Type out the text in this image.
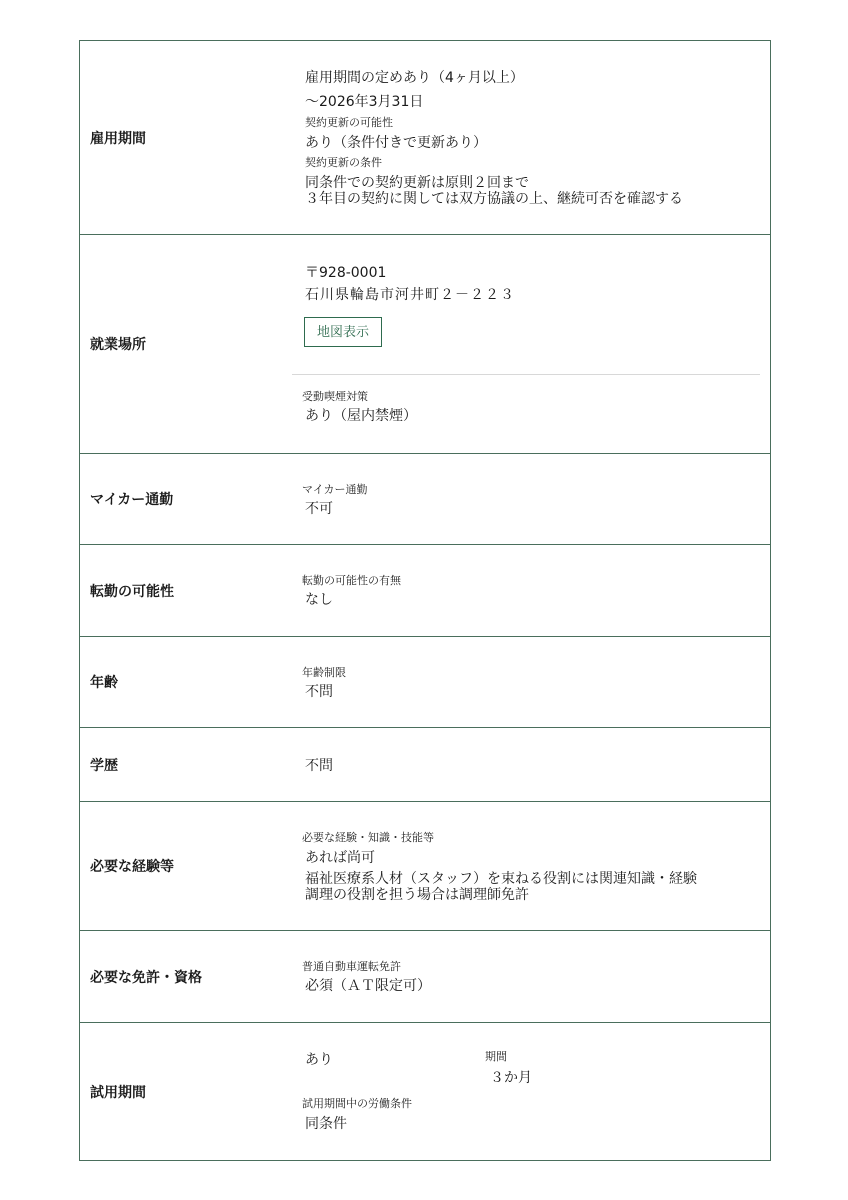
雇用期間
雇用期間の定めあり（4ヶ月以上）
～2026年3月31日
契約更新の可能性
あり（条件付きで更新あり）
契約更新の条件
同条件での契約更新は原則２回まで
３年目の契約に関しては双方協議の上、継続可否を確認する
就業場所
〒928-0001
石川県輪島市河井町２－２２３
地図表示
受動喫煙対策
あり（屋内禁煙）
マイカー通勤
マイカー通勤
不可
転勤の可能性
転勤の可能性の有無
なし
年齢
年齢制限
不問
学歴	不問
必要な経験等
必要な経験・知識・技能等
あれば尚可
福祉医療系人材（スタッフ）を束ねる役割には関連知識・経験
調理の役割を担う場合は調理師免許
必要な免許・資格
普通自動車運転免許
必須（ＡＴ限定可）
試用期間
あり	期間
３か月
試用期間中の労働条件
同条件
